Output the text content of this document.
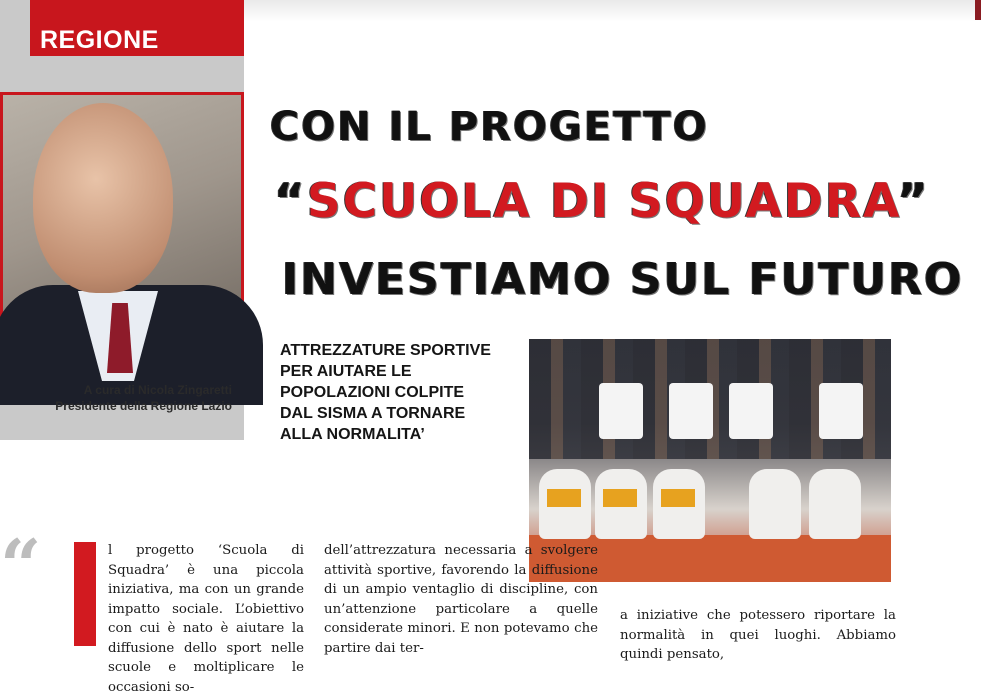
REGIONE
A cura di Nicola Zingaretti
Presidente della Regione Lazio
CON IL PROGETTO
“SCUOLA DI SQUADRA”
INVESTIAMO SUL FUTURO
ATTREZZATURE SPORTIVE
PER AIUTARE LE
POPOLAZIONI COLPITE
DAL SISMA A TORNARE
ALLA NORMALITA’
“	l progetto ‘Scuola di Squadra’ è una piccola iniziativa, ma con un grande impatto sociale. L’obiettivo con cui è nato è aiutare la diffusione dello sport nelle scuole e moltiplicare le occasioni so-
dell’attrezzatura necessaria a svolgere attività sportive, favorendo la diffusione di un ampio ventaglio di discipline, con un’attenzione particolare a quelle considerate minori. E non potevamo che partire dai ter-
a iniziative che potessero riportare la normalità in quei luoghi. Abbiamo quindi pensato,
